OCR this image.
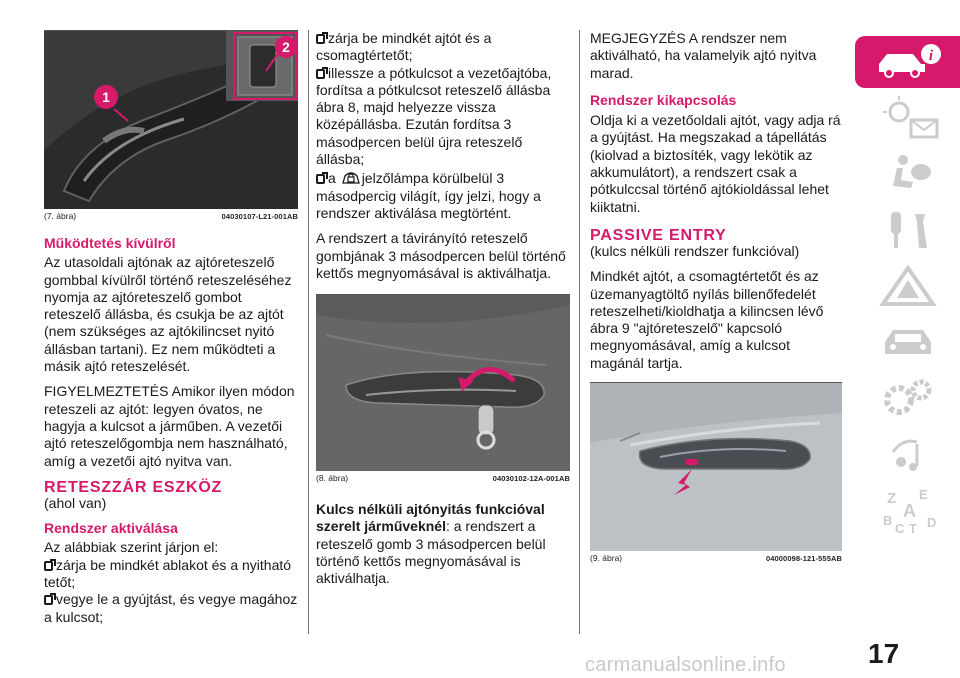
1
2
(7. ábra)	04030107-L21-001AB
Működtetés kívülről

Az utasoldali ajtónak az ajtóreteszelő gombbal kívülről történő reteszeléséhez nyomja az ajtóreteszelő gombot reteszelő állásba, és csukja be az ajtót (nem szükséges az ajtókilincset nyitó állásban tartani). Ez nem működteti a másik ajtó reteszelését.

FIGYELMEZTETÉS Amikor ilyen módon reteszeli az ajtót: legyen óvatos, ne hagyja a kulcsot a járműben. A vezetői ajtó reteszelőgombja nem használható, amíg a vezetői ajtó nyitva van.

RETESZZÁR ESZKÖZ

(ahol van)

Rendszer aktiválása

Az alábbiak szerint járjon el:

zárja be mindkét ablakot és a nyitható tetőt;

vegye le a gyújtást, és vegye magához a kulcsot;

zárja be mindkét ajtót és a csomagtértetőt;

illessze a pótkulcsot a vezetőajtóba, fordítsa a pótkulcsot reteszelő állásba ábra 8, majd helyezze vissza középállásba. Ezután fordítsa 3 másodpercen belül újra reteszelő állásba;

a jelzőlámpa körülbelül 3 másodpercig világít, így jelzi, hogy a rendszer aktiválása megtörtént.

A rendszert a távirányító reteszelő gombjának 3 másodpercen belül történő kettős megnyomásával is aktiválhatja.

(8. ábra)	04030102-12A-001AB

Kulcs nélküli ajtónyitás funkcióval szerelt járműveknél: a rendszert a reteszelő gomb 3 másodpercen belül történő kettős megnyomásával is aktiválhatja.

MEGJEGYZÉS A rendszer nem aktiválható, ha valamelyik ajtó nyitva marad.

Rendszer kikapcsolás

Oldja ki a vezetőoldali ajtót, vagy adja rá a gyújtást. Ha megszakad a tápellátás (kiolvad a biztosíték, vagy lekötik az akkumulátort), a rendszert csak a pótkulccsal történő ajtókioldással lehet kiiktatni.

PASSIVE ENTRY

(kulcs nélküli rendszer funkcióval)

Mindkét ajtót, a csomagtértetőt és az üzemanyagtöltő nyílás billenőfedelét reteszelheti/kioldhatja a kilincsen lévő ábra 9 "ajtóreteszelő" kapcsoló megnyomásával, amíg a kulcsot magánál tartja.

(9. ábra)	04000098-121-555AB
i
Z E
A
B
C T D
17
carmanualsonline.info
